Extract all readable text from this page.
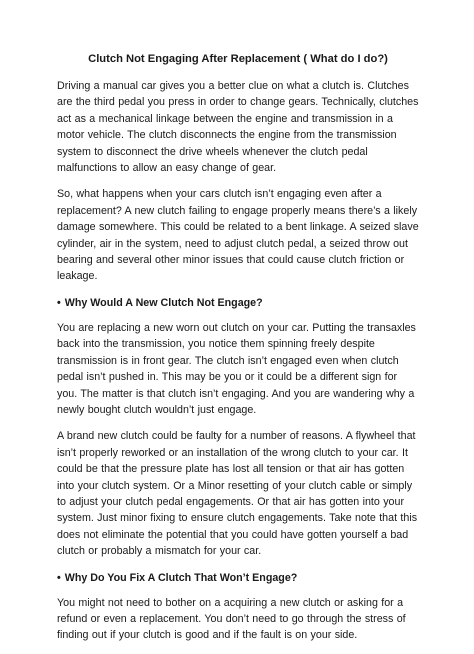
Clutch Not Engaging After Replacement ( What do I do?)

Driving a manual car gives you a better clue on what a clutch is. Clutches are the third pedal you press in order to change gears. Technically, clutches act as a mechanical linkage between the engine and transmission in a motor vehicle. The clutch disconnects the engine from the transmission system to disconnect the drive wheels whenever the clutch pedal malfunctions to allow an easy change of gear.

So, what happens when your cars clutch isn’t engaging even after a replacement? A new clutch failing to engage properly means there’s a likely damage somewhere. This could be related to a bent linkage. A seized slave cylinder, air in the system, need to adjust clutch pedal, a seized throw out bearing and several other minor issues that could cause clutch friction or leakage.

• Why Would A New Clutch Not Engage?

You are replacing a new worn out clutch on your car. Putting the transaxles back into the transmission, you notice them spinning freely despite transmission is in front gear. The clutch isn’t engaged even when clutch pedal isn’t pushed in. This may be you or it could be a different sign for you. The matter is that clutch isn’t engaging. And you are wandering why a newly bought clutch wouldn’t just engage.

A brand new clutch could be faulty for a number of reasons. A flywheel that isn’t properly reworked or an installation of the wrong clutch to your car. It could be that the pressure plate has lost all tension or that air has gotten into your clutch system. Or a Minor resetting of your clutch cable or simply to adjust your clutch pedal engagements. Or that air has gotten into your system. Just minor fixing to ensure clutch engagements. Take note that this does not eliminate the potential that you could have gotten yourself a bad clutch or probably a mismatch for your car.

• Why Do You Fix A Clutch That Won’t Engage?

You might not need to bother on a acquiring a new clutch or asking for a refund or even a replacement. You don’t need to go through the stress of finding out if your clutch is good and if the fault is on your side.
